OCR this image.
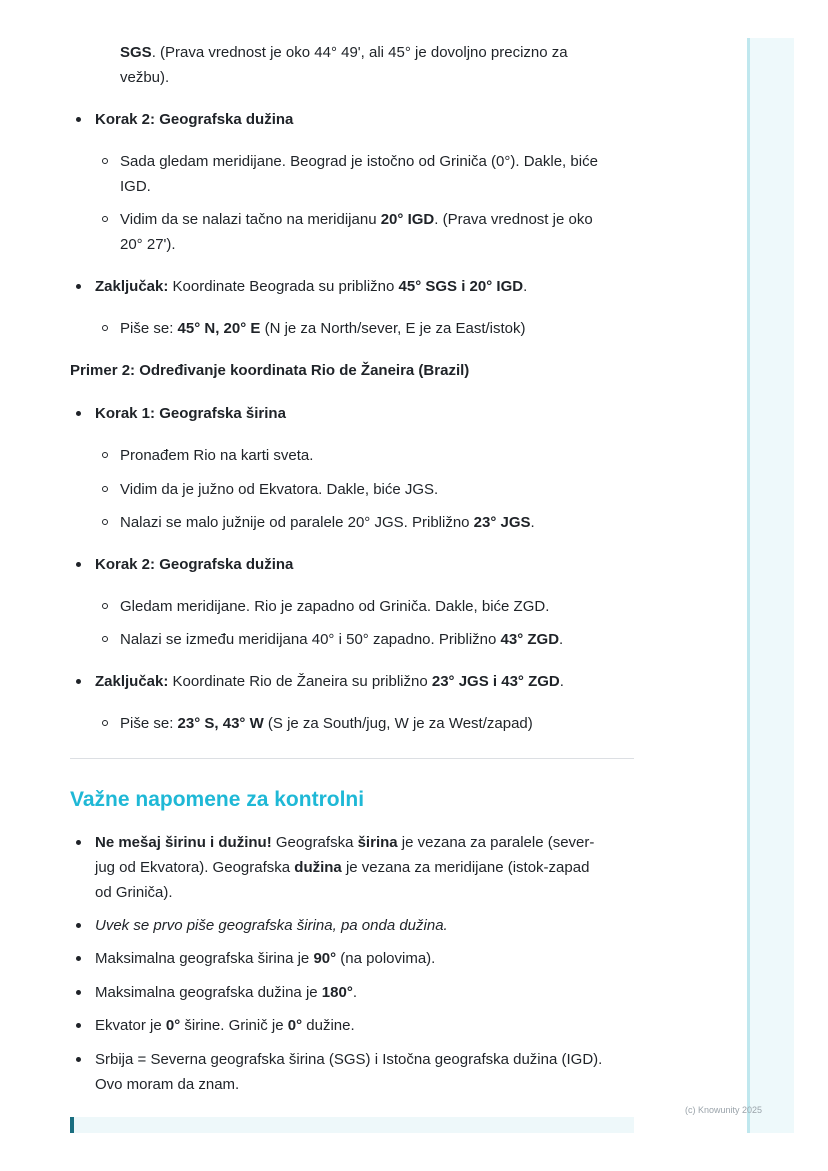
SGS. (Prava vrednost je oko 44° 49', ali 45° je dovoljno precizno za
vežbu).
Korak 2: Geografska dužina
Sada gledam meridijane. Beograd je istočno od Griniča (0°). Dakle, biće
IGD.
Vidim da se nalazi tačno na meridijanu 20° IGD. (Prava vrednost je oko
20° 27').
Zaključak: Koordinate Beograda su približno 45° SGS i 20° IGD.
Piše se: 45° N, 20° E (N je za North/sever, E je za East/istok)
Primer 2: Određivanje koordinata Rio de Žaneira (Brazil)
Korak 1: Geografska širina
Pronađem Rio na karti sveta.
Vidim da je južno od Ekvatora. Dakle, biće JGS.
Nalazi se malo južnije od paralele 20° JGS. Približno 23° JGS.
Korak 2: Geografska dužina
Gledam meridijane. Rio je zapadno od Griniča. Dakle, biće ZGD.
Nalazi se između meridijana 40° i 50° zapadno. Približno 43° ZGD.
Zaključak: Koordinate Rio de Žaneira su približno 23° JGS i 43° ZGD.
Piše se: 23° S, 43° W (S je za South/jug, W je za West/zapad)
Važne napomene za kontrolni
Ne mešaj širinu i dužinu! Geografska širina je vezana za paralele (sever-
jug od Ekvatora). Geografska dužina je vezana za meridijane (istok-zapad
od Griniča).
Uvek se prvo piše geografska širina, pa onda dužina.
Maksimalna geografska širina je 90° (na polovima).
Maksimalna geografska dužina je 180°.
Ekvator je 0° širine. Grinič je 0° dužine.
Srbija = Severna geografska širina (SGS) i Istočna geografska dužina (IGD).
Ovo moram da znam.
(c) Knowunity 2025
